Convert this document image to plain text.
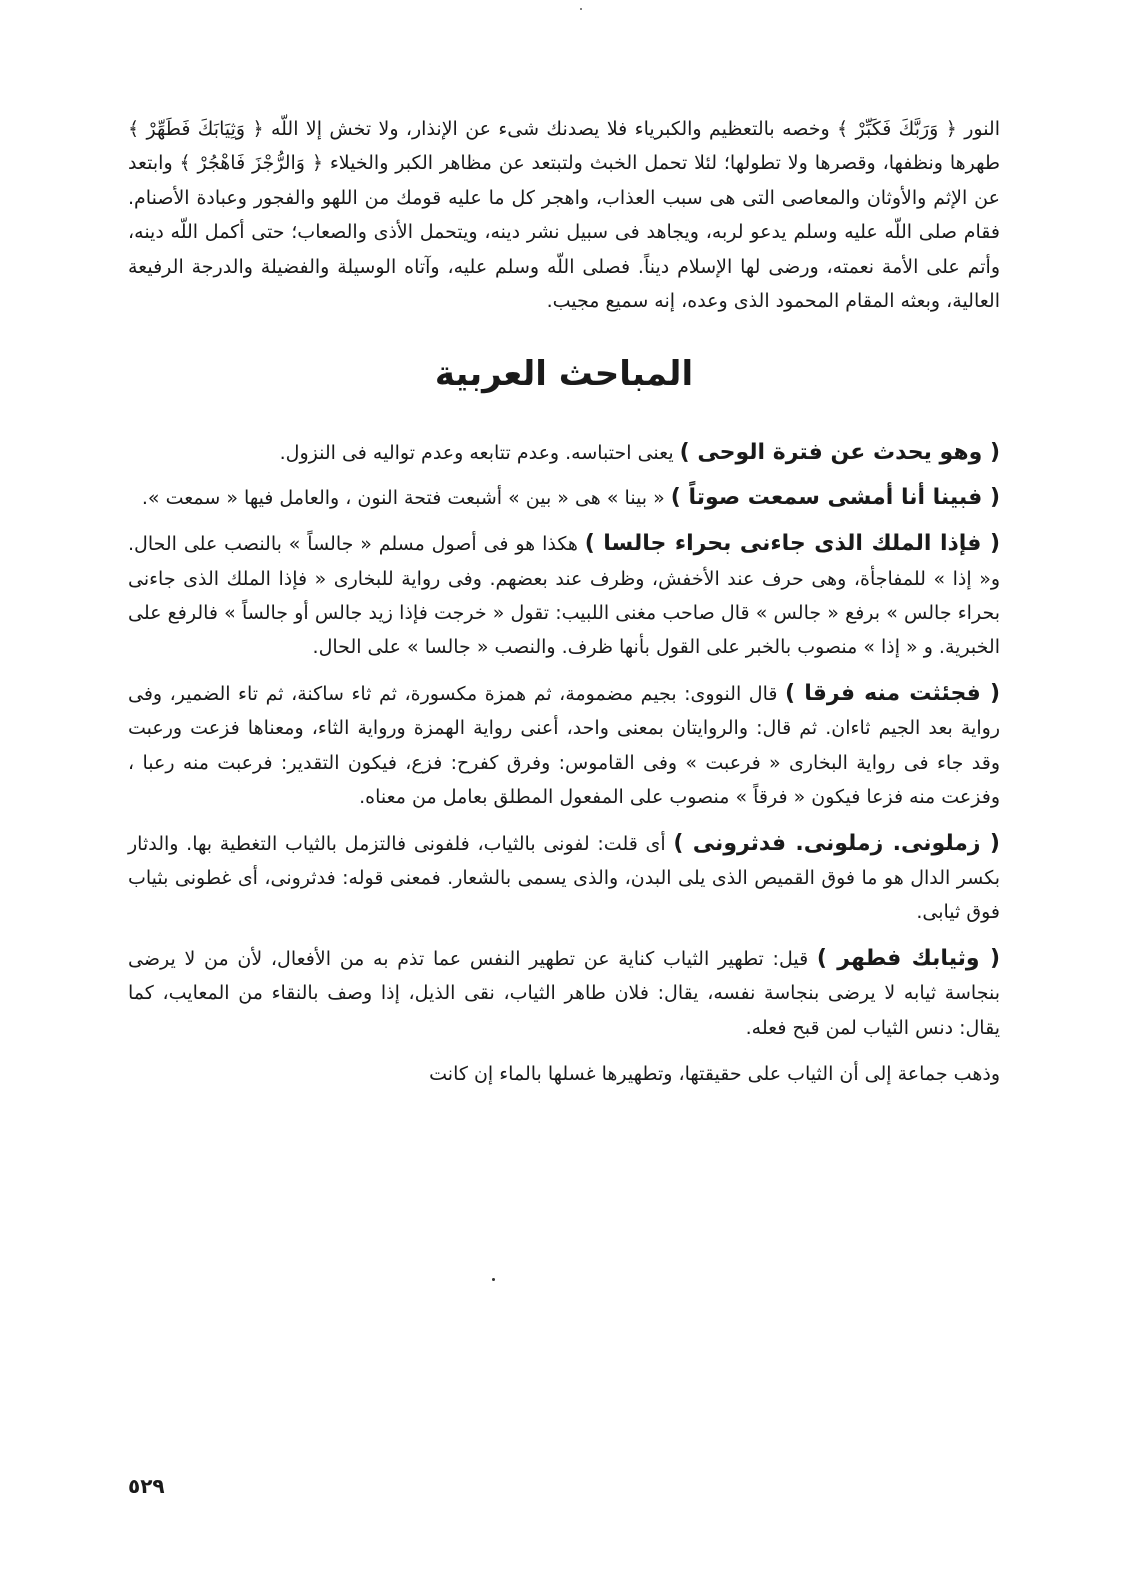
النور ﴿ وَرَبَّكَ فَكَبِّرْ ﴾ وخصه بالتعظيم والكبرياء فلا يصدنك شىء عن الإنذار، ولا تخش إلا اللّه ﴿ وَثِيَابَكَ فَطَهِّرْ ﴾ طهرها ونظفها، وقصرها ولا تطولها؛ لئلا تحمل الخبث ولتبتعد عن مظاهر الكبر والخيلاء ﴿ وَالرُّجْزَ فَاهْجُرْ ﴾ وابتعد عن الإثم والأوثان والمعاصى التى هى سبب العذاب، واهجر كل ما عليه قومك من اللهو والفجور وعبادة الأصنام. فقام صلى اللّه عليه وسلم يدعو لربه، ويجاهد فى سبيل نشر دينه، ويتحمل الأذى والصعاب؛ حتى أكمل اللّه دينه، وأتم على الأمة نعمته، ورضى لها الإسلام ديناً. فصلى اللّه وسلم عليه، وآتاه الوسيلة والفضيلة والدرجة الرفيعة العالية، وبعثه المقام المحمود الذى وعده، إنه سميع مجيب.

المباحث العربية

( وهو يحدث عن فترة الوحى ) يعنى احتباسه. وعدم تتابعه وعدم تواليه فى النزول.

( فبينا أنا أمشى سمعت صوتاً ) « بينا » هى « بين » أشبعت فتحة النون ، والعامل فيها « سمعت ».

( فإذا الملك الذى جاءنى بحراء جالسا ) هكذا هو فى أصول مسلم « جالساً » بالنصب على الحال. و« إذا » للمفاجأة، وهى حرف عند الأخفش، وظرف عند بعضهم. وفى رواية للبخارى « فإذا الملك الذى جاءنى بحراء جالس » برفع « جالس » قال صاحب مغنى اللبيب: تقول « خرجت فإذا زيد جالس أو جالساً » فالرفع على الخبرية. و « إذا » منصوب بالخبر على القول بأنها ظرف. والنصب « جالسا » على الحال.

( فجئثت منه فرقا ) قال النووى: بجيم مضمومة، ثم همزة مكسورة، ثم ثاء ساكنة، ثم تاء الضمير، وفى رواية بعد الجيم ثاءان. ثم قال: والروايتان بمعنى واحد، أعنى رواية الهمزة ورواية الثاء، ومعناها فزعت ورعبت وقد جاء فى رواية البخارى « فرعبت » وفى القاموس: وفرق كفرح: فزع، فيكون التقدير: فرعبت منه رعبا ، وفزعت منه فزعا فيكون « فرقاً » منصوب على المفعول المطلق بعامل من معناه.

( زملونى. زملونى. فدثرونى ) أى قلت: لفونى بالثياب، فلفونى فالتزمل بالثياب التغطية بها. والدثار بكسر الدال هو ما فوق القميص الذى يلى البدن، والذى يسمى بالشعار. فمعنى قوله: فدثرونى، أى غطونى بثياب فوق ثيابى.

( وثيابك فطهر ) قيل: تطهير الثياب كناية عن تطهير النفس عما تذم به من الأفعال، لأن من لا يرضى بنجاسة ثيابه لا يرضى بنجاسة نفسه، يقال: فلان طاهر الثياب، نقى الذيل، إذا وصف بالنقاء من المعايب، كما يقال: دنس الثياب لمن قبح فعله.

وذهب جماعة إلى أن الثياب على حقيقتها، وتطهيرها غسلها بالماء إن كانت

٥٢٩
